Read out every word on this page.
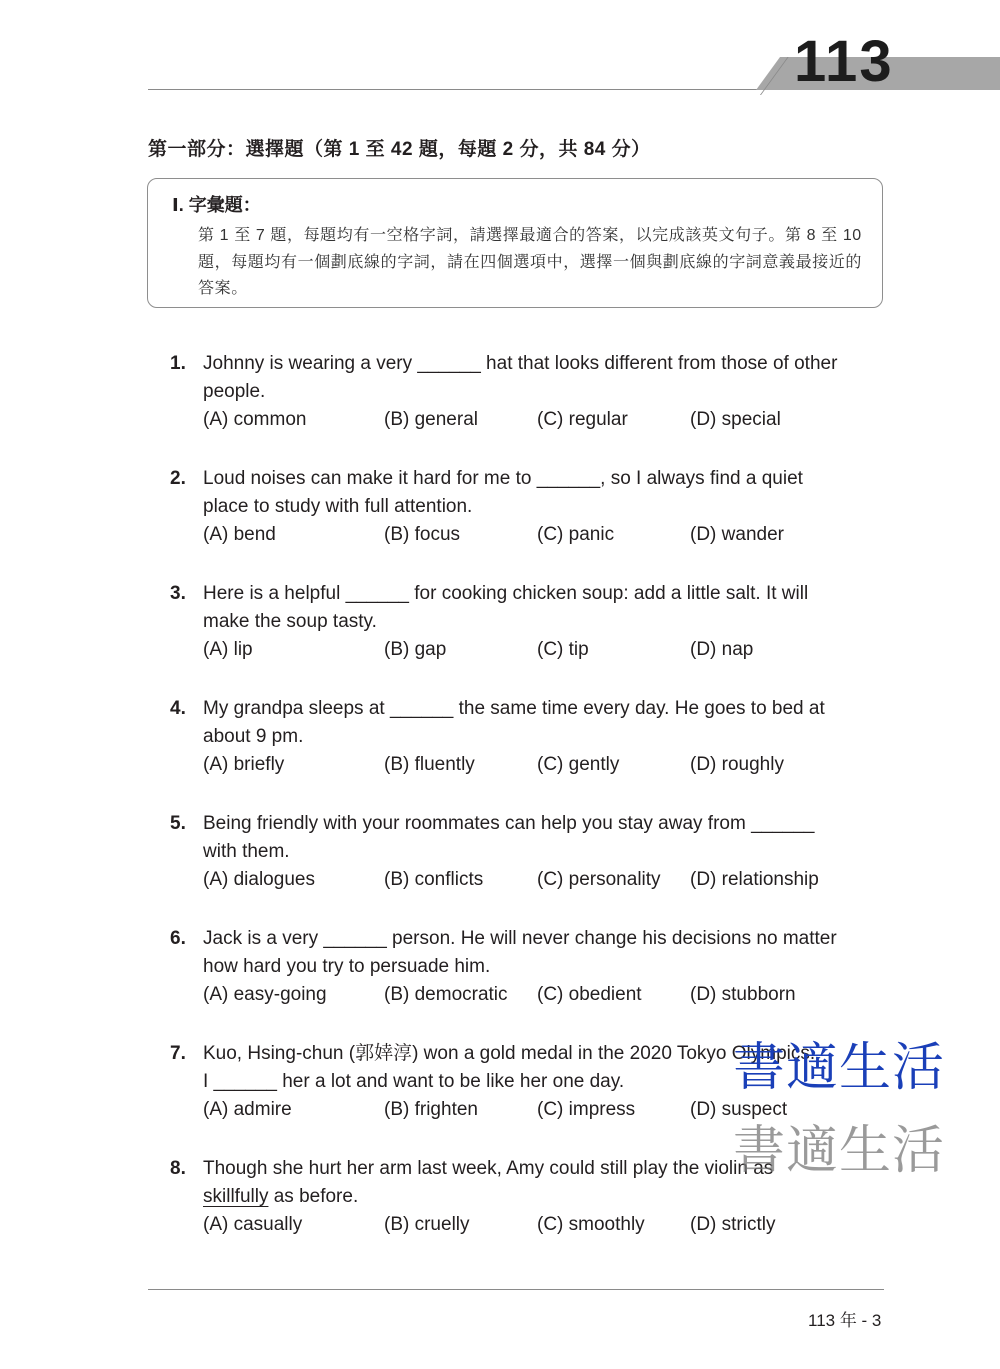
113
第一部分：選擇題（第 1 至 42 題，每題 2 分，共 84 分）
Ⅰ. 字彙題：
第 1 至 7 題，每題均有一空格字詞，請選擇最適合的答案，以完成該英文句子。第 8 至 10 題，每題均有一個劃底線的字詞，請在四個選項中，選擇一個與劃底線的字詞意義最接近的答案。
1. Johnny is wearing a very ______ hat that looks different from those of other
people.
(A) common	(B) general	(C) regular	(D) special
2. Loud noises can make it hard for me to ______, so I always find a quiet
place to study with full attention.
(A) bend	(B) focus	(C) panic	(D) wander
3. Here is a helpful ______ for cooking chicken soup: add a little salt. It will
make the soup tasty.
(A) lip	(B) gap	(C) tip	(D) nap
4. My grandpa sleeps at ______ the same time every day. He goes to bed at
about 9 pm.
(A) briefly	(B) fluently	(C) gently	(D) roughly
5. Being friendly with your roommates can help you stay away from ______
with them.
(A) dialogues	(B) conflicts	(C) personality (D) relationship
6. Jack is a very ______ person. He will never change his decisions no matter
how hard you try to persuade him.
(A) easy-going	(B) democratic (C) obedient	(D) stubborn
7. Kuo, Hsing-chun (郭婞淳) won a gold medal in the 2020 Tokyo Olympics.
I ______ her a lot and want to be like her one day.
(A) admire	(B) frighten	(C) impress	(D) suspect
8. Though she hurt her arm last week, Amy could still play the violin as
skillfully as before.
(A) casually	(B) cruelly	(C) smoothly (D) strictly
書適生活
書適生活
113 年 - 3
